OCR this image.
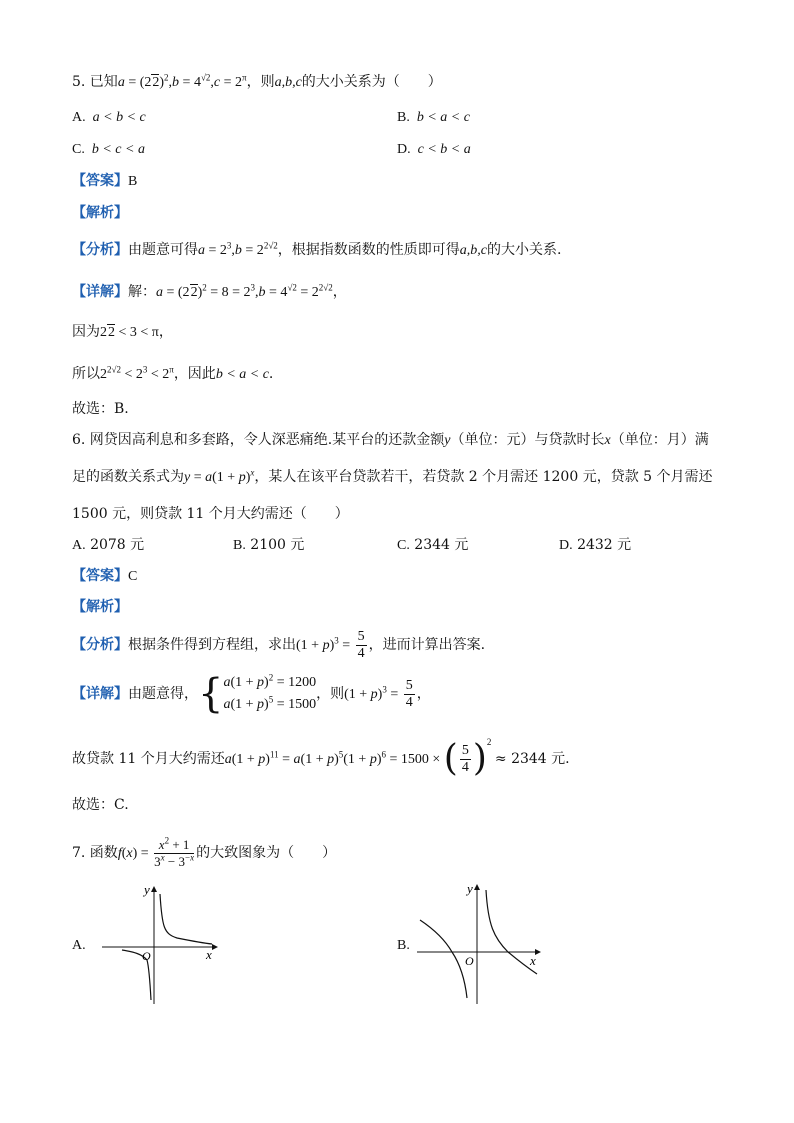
5. 已知$a = (22)^2,b = 4^{√2},c = 2^\pi$，则a,b,c的大小关系为（　　）
A. a < b < c	B. b < a < c
C. b < c < a	D. c < b < a
【答案】B
【解析】
【分析】由题意可得$a = 2^3,b = 2^{2√2}$，根据指数函数的性质即可得a,b,c的大小关系.
【详解】解：$a = (22)^2 = 8 = 2^3,b = 4^{√2} = 2^{2√2}$，
因为22 < 3 < π，
所以$2^{2√2} < 2^3 < 2^\pi$，因此b < a < c.
故选：B.
6. 网贷因高利息和多套路，令人深恶痛绝.某平台的还款金额y（单位：元）与贷款时长x（单位：月）满
足的函数关系式为$y = a(1 + p)^x$，某人在该平台贷款若干，若贷款 2 个月需还 1200 元，贷款 5 个月需还
1500 元，则贷款 11 个月大约需还（　　）
A. 2078 元	B. 2100 元	C. 2344 元	D. 2432 元
【答案】C
【解析】
【分析】根据条件得到方程组，求出$(1 + p)^3 = \frac{5}{4}$ ，进而计算出答案.
【详解】由题意得，{ $a(1 + p)^2 = 1200$
$a(1 + p)^5 = 1500$
，则$(1 + p)^3 = \frac{5}{4}$ ，
故贷款 11 个月大约需还$a(1 + p)^{11} = a(1 + p)^5(1 + p)^6 = 1500$ × ( $\frac{5}{4} )^2 \approx 2344$ 元.
故选：C.
7. 函数$f(x) = \frac{x^2 + 1}{3^x - 3^{-x}}$ 的大致图象为（　　）
A.
y
x
O
B.
y
x
O
